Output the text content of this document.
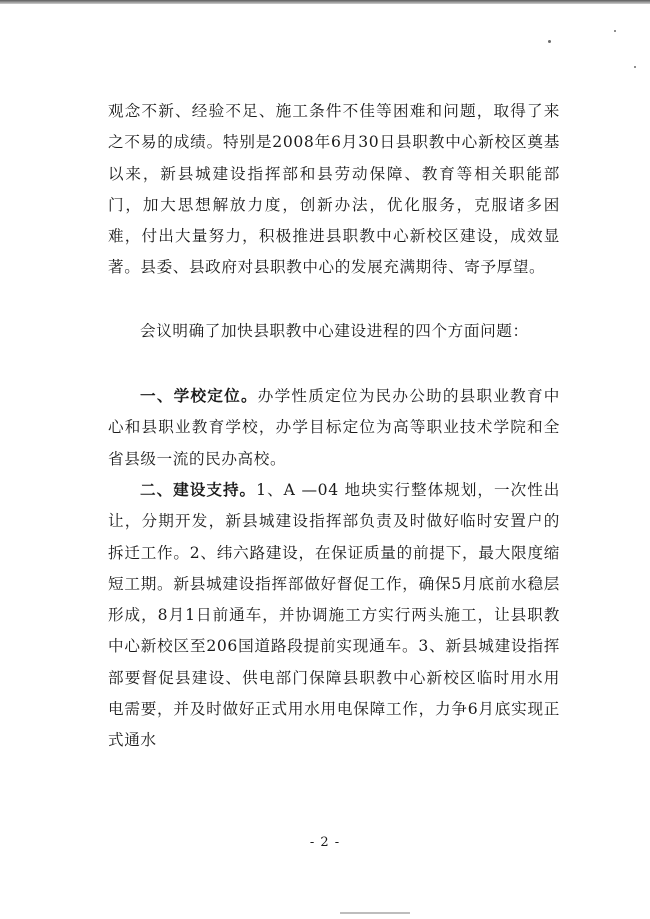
观念不新、经验不足、施工条件不佳等困难和问题，取得了来之不易的成绩。特别是2008年6月30日县职教中心新校区奠基以来，新县城建设指挥部和县劳动保障、教育等相关职能部门，加大思想解放力度，创新办法，优化服务，克服诸多困难，付出大量努力，积极推进县职教中心新校区建设，成效显著。县委、县政府对县职教中心的发展充满期待、寄予厚望。

会议明确了加快县职教中心建设进程的四个方面问题：

一、学校定位。办学性质定位为民办公助的县职业教育中心和县职业教育学校，办学目标定位为高等职业技术学院和全省县级一流的民办高校。

二、建设支持。1、A —04 地块实行整体规划，一次性出让，分期开发，新县城建设指挥部负责及时做好临时安置户的拆迁工作。2、纬六路建设，在保证质量的前提下，最大限度缩短工期。新县城建设指挥部做好督促工作，确保5月底前水稳层形成，8月1日前通车，并协调施工方实行两头施工，让县职教中心新校区至206国道路段提前实现通车。3、新县城建设指挥部要督促县建设、供电部门保障县职教中心新校区临时用水用电需要，并及时做好正式用水用电保障工作，力争6月底实现正式通水

- 2 -
